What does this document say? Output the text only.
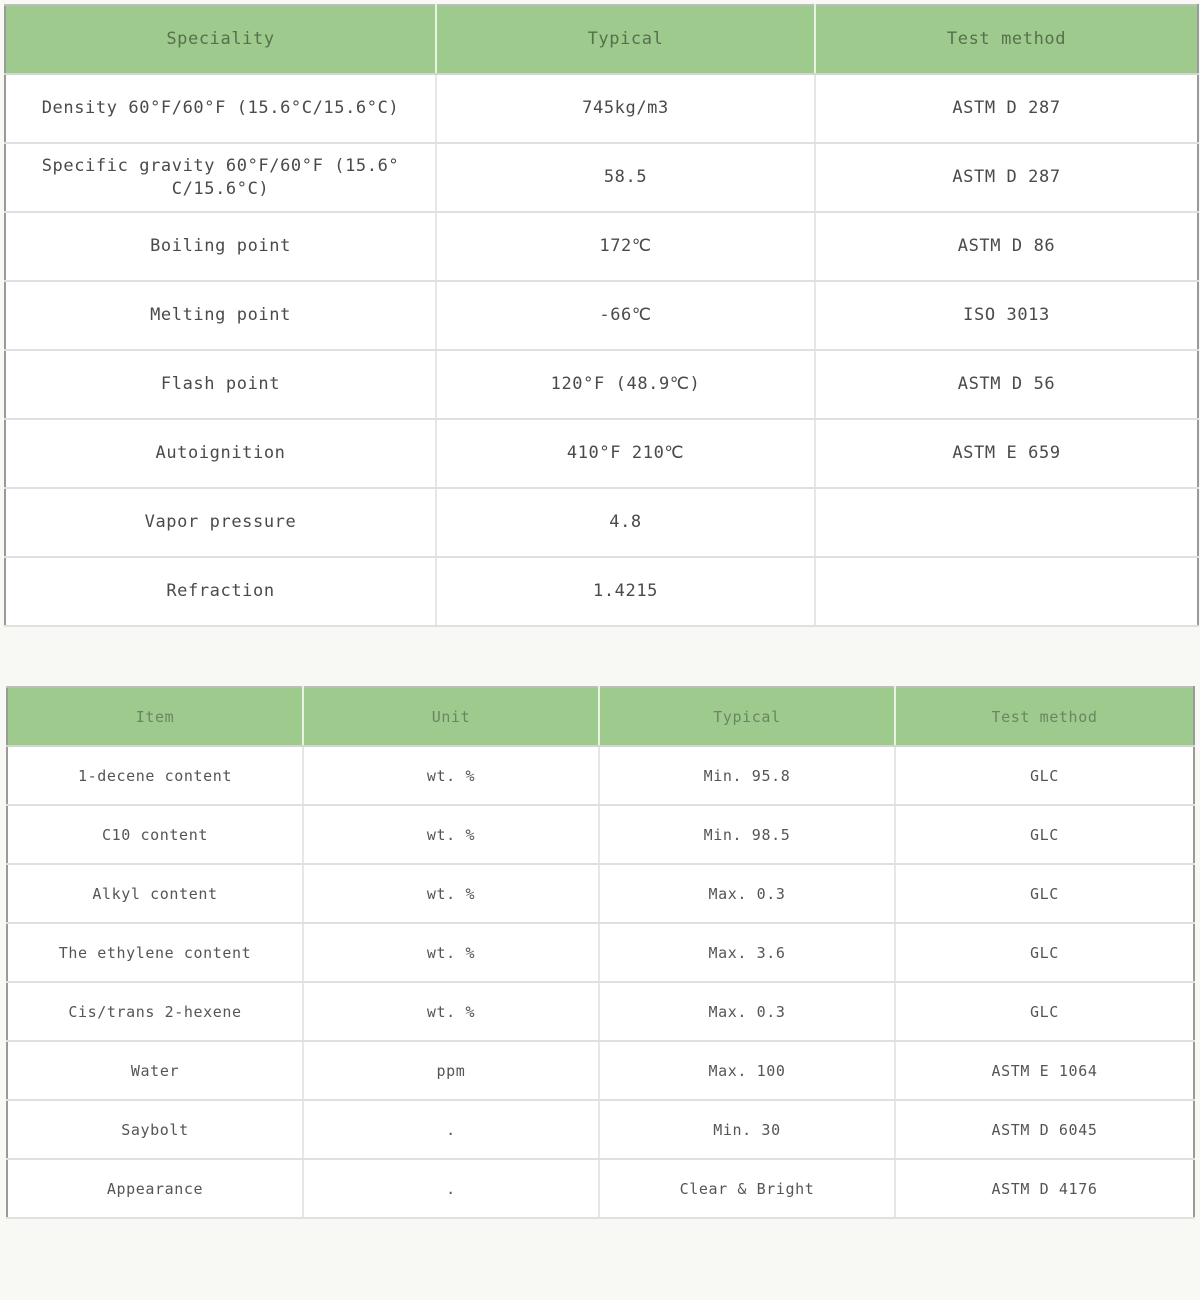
Speciality	Typical	Test method
Density 60°F/60°F (15.6°C/15.6°C)	745kg/m3	ASTM D 287
Specific gravity 60°F/60°F (15.6° C/15.6°C)	58.5	ASTM D 287
Boiling point	172℃	ASTM D 86
Melting point	-66℃	ISO 3013
Flash point	120°F (48.9℃)	ASTM D 56
Autoignition	410°F 210℃	ASTM E 659
Vapor pressure	4.8	
Refraction	1.4215	
Item	Unit	Typical	Test method
1-decene content	wt. %	Min. 95.8	GLC
C10 content	wt. %	Min. 98.5	GLC
Alkyl content	wt. %	Max. 0.3	GLC
The ethylene content	wt. %	Max. 3.6	GLC
Cis/trans 2-hexene	wt. %	Max. 0.3	GLC
Water	ppm	Max. 100	ASTM E 1064
Saybolt	.	Min. 30	ASTM D 6045
Appearance	.	Clear & Bright	ASTM D 4176
